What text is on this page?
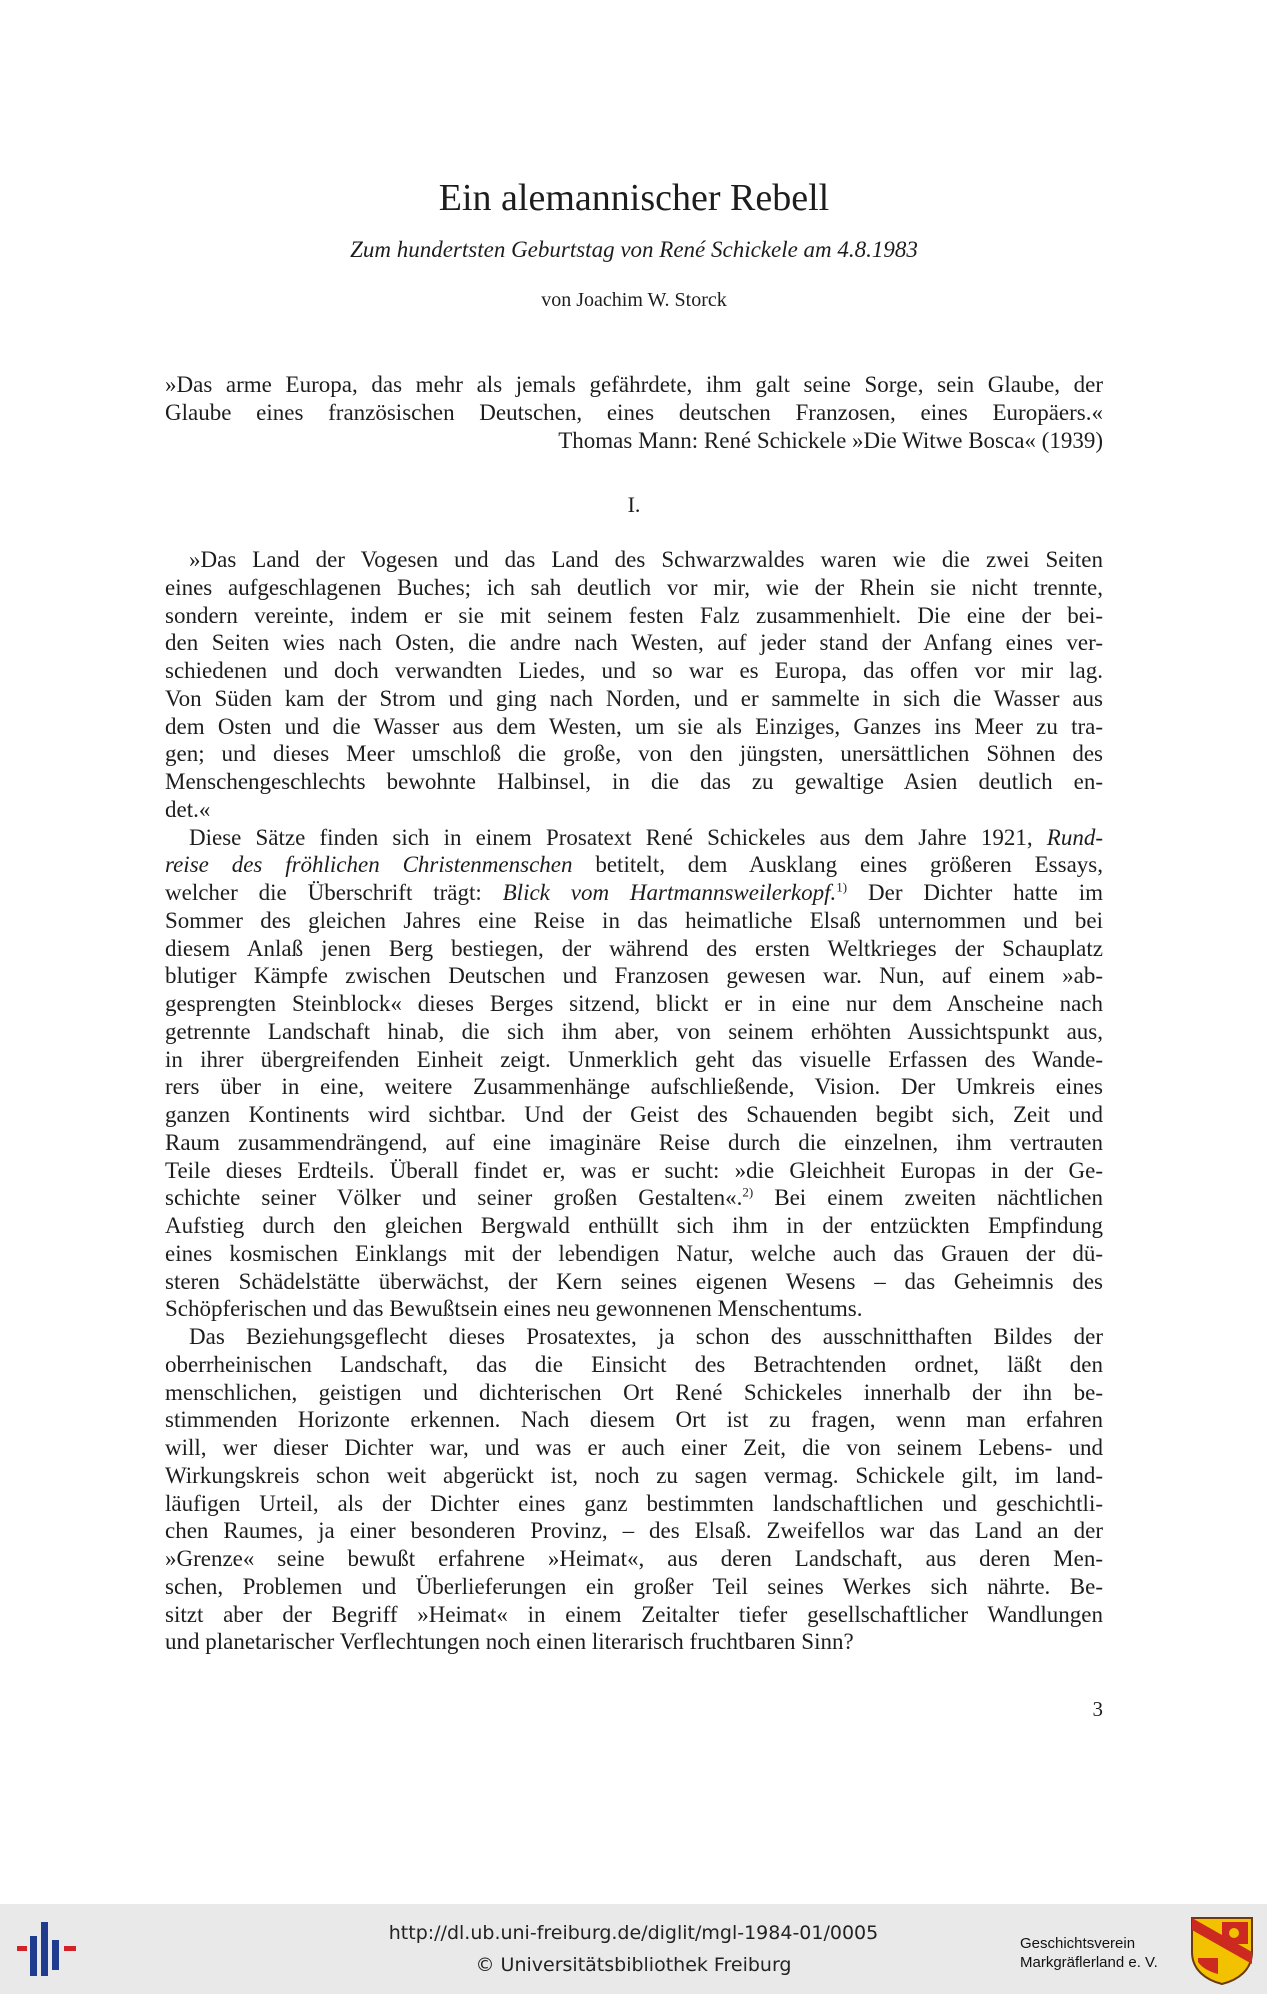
Ein alemannischer Rebell
Zum hundertsten Geburtstag von René Schickele am 4.8.1983
von Joachim W. Storck
»Das arme Europa, das mehr als jemals gefährdete, ihm galt seine Sorge, sein Glaube, der
Glaube eines französischen Deutschen, eines deutschen Franzosen, eines Europäers.«
Thomas Mann: René Schickele »Die Witwe Bosca« (1939)
I.
»Das Land der Vogesen und das Land des Schwarzwaldes waren wie die zwei Seiten
eines aufgeschlagenen Buches; ich sah deutlich vor mir, wie der Rhein sie nicht trennte,
sondern vereinte, indem er sie mit seinem festen Falz zusammenhielt. Die eine der bei-
den Seiten wies nach Osten, die andre nach Westen, auf jeder stand der Anfang eines ver-
schiedenen und doch verwandten Liedes, und so war es Europa, das offen vor mir lag.
Von Süden kam der Strom und ging nach Norden, und er sammelte in sich die Wasser aus
dem Osten und die Wasser aus dem Westen, um sie als Einziges, Ganzes ins Meer zu tra-
gen; und dieses Meer umschloß die große, von den jüngsten, unersättlichen Söhnen des
Menschengeschlechts bewohnte Halbinsel, in die das zu gewaltige Asien deutlich en-
det.«
Diese Sätze finden sich in einem Prosatext René Schickeles aus dem Jahre 1921, Rund-
reise des fröhlichen Christenmenschen betitelt, dem Ausklang eines größeren Essays,
welcher die Überschrift trägt: Blick vom Hartmannsweilerkopf.$^{1)}$ Der Dichter hatte im
Sommer des gleichen Jahres eine Reise in das heimatliche Elsaß unternommen und bei
diesem Anlaß jenen Berg bestiegen, der während des ersten Weltkrieges der Schauplatz
blutiger Kämpfe zwischen Deutschen und Franzosen gewesen war. Nun, auf einem »ab-
gesprengten Steinblock« dieses Berges sitzend, blickt er in eine nur dem Anscheine nach
getrennte Landschaft hinab, die sich ihm aber, von seinem erhöhten Aussichtspunkt aus,
in ihrer übergreifenden Einheit zeigt. Unmerklich geht das visuelle Erfassen des Wande-
rers über in eine, weitere Zusammenhänge aufschließende, Vision. Der Umkreis eines
ganzen Kontinents wird sichtbar. Und der Geist des Schauenden begibt sich, Zeit und
Raum zusammendrängend, auf eine imaginäre Reise durch die einzelnen, ihm vertrauten
Teile dieses Erdteils. Überall findet er, was er sucht: »die Gleichheit Europas in der Ge-
schichte seiner Völker und seiner großen Gestalten«.$^{2)}$ Bei einem zweiten nächtlichen
Aufstieg durch den gleichen Bergwald enthüllt sich ihm in der entzückten Empfindung
eines kosmischen Einklangs mit der lebendigen Natur, welche auch das Grauen der dü-
steren Schädelstätte überwächst, der Kern seines eigenen Wesens – das Geheimnis des
Schöpferischen und das Bewußtsein eines neu gewonnenen Menschentums.
Das Beziehungsgeflecht dieses Prosatextes, ja schon des ausschnitthaften Bildes der
oberrheinischen Landschaft, das die Einsicht des Betrachtenden ordnet, läßt den
menschlichen, geistigen und dichterischen Ort René Schickeles innerhalb der ihn be-
stimmenden Horizonte erkennen. Nach diesem Ort ist zu fragen, wenn man erfahren
will, wer dieser Dichter war, und was er auch einer Zeit, die von seinem Lebens- und
Wirkungskreis schon weit abgerückt ist, noch zu sagen vermag. Schickele gilt, im land-
läufigen Urteil, als der Dichter eines ganz bestimmten landschaftlichen und geschichtli-
chen Raumes, ja einer besonderen Provinz, – des Elsaß. Zweifellos war das Land an der
»Grenze« seine bewußt erfahrene »Heimat«, aus deren Landschaft, aus deren Men-
schen, Problemen und Überlieferungen ein großer Teil seines Werkes sich nährte. Be-
sitzt aber der Begriff »Heimat« in einem Zeitalter tiefer gesellschaftlicher Wandlungen
und planetarischer Verflechtungen noch einen literarisch fruchtbaren Sinn?
3
http://dl.ub.uni-freiburg.de/diglit/mgl-1984-01/0005
© Universitätsbibliothek Freiburg
Geschichtsverein
Markgräflerland e. V.
